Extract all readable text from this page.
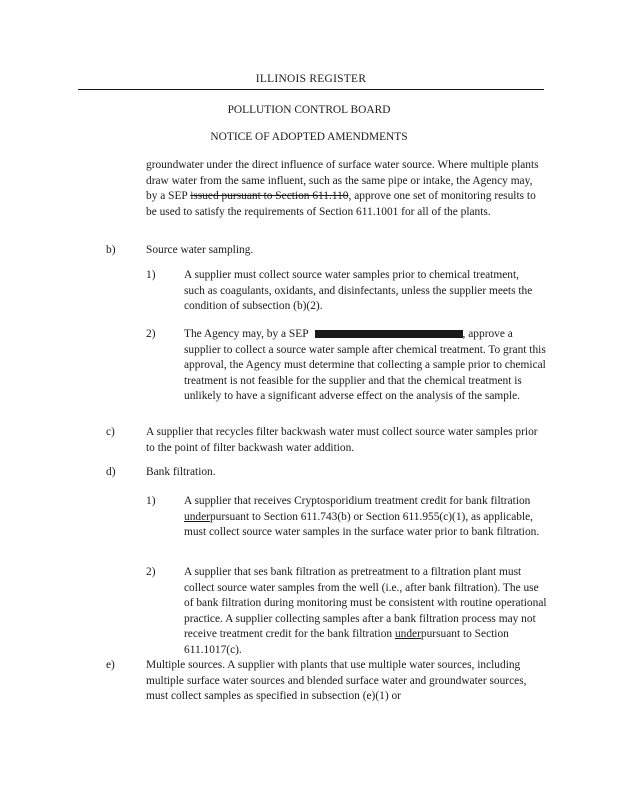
ILLINOIS REGISTER
POLLUTION CONTROL BOARD
NOTICE OF ADOPTED AMENDMENTS
groundwater under the direct influence of surface water source. Where multiple plants draw water from the same influent, such as the same pipe or intake, the Agency may, by a SEP issued pursuant to Section 611.110, approve one set of monitoring results to be used to satisfy the requirements of Section 611.1001 for all of the plants.
b)	Source water sampling.
1)	A supplier must collect source water samples prior to chemical treatment, such as coagulants, oxidants, and disinfectants, unless the supplier meets the condition of subsection (b)(2).
2)	The Agency may, by a SEP	, approve a supplier to collect a source water sample after chemical treatment. To grant this approval, the Agency must determine that collecting a sample prior to chemical treatment is not feasible for the supplier and that the chemical treatment is unlikely to have a significant adverse effect on the analysis of the sample.
c)	A supplier that recycles filter backwash water must collect source water samples prior to the point of filter backwash water addition.
d)	Bank filtration.
1)	A supplier that receives Cryptosporidium treatment credit for bank filtration underpursuant to Section 611.743(b) or Section 611.955(c)(1), as applicable, must collect source water samples in the surface water prior to bank filtration.
2)	A supplier that ses bank filtration as pretreatment to a filtration plant must collect source water samples from the well (i.e., after bank filtration). The use of bank filtration during monitoring must be consistent with routine operational practice. A supplier collecting samples after a bank filtration process may not receive treatment credit for the bank filtration underpursuant to Section 611.1017(c).
e)	Multiple sources. A supplier with plants that use multiple water sources, including multiple surface water sources and blended surface water and groundwater sources, must collect samples as specified in subsection (e)(1) or
